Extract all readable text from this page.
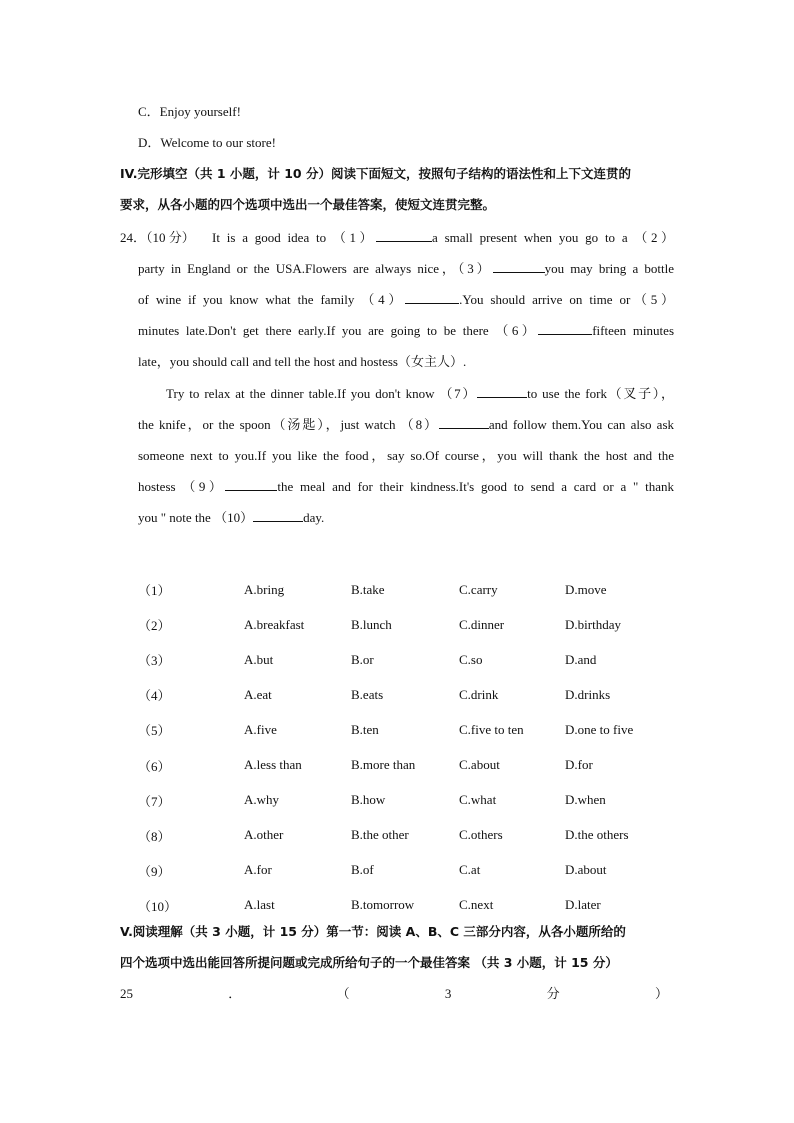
C．Enjoy yourself!
D．Welcome to our store!
IV.完形填空（共 1 小题，计 10 分）阅读下面短文，按照句子结构的语法性和上下文连贯的
要求，从各小题的四个选项中选出一个最佳答案，使短文连贯完整。
24．（10 分） It is a good idea to （1）	a small present when you go to a （2）
party in England or the USA.Flowers are always nice，（3）	you may bring a bottle
of wine if you know what the family （4）	.You should arrive on time or（5）
minutes late.Don't get there early.If you are going to be there （6）	fifteen minutes
late，you should call and tell the host and hostess（女主人）.
Try to relax at the dinner table.If you don't know （7）	to use the fork（叉子），
the knife，or the spoon（汤匙），just watch （8）	and follow them.You can also ask
someone next to you.If you like the food，say so.Of course，you will thank the host and the
hostess （9）	the meal and for their kindness.It's good to send a card or a " thank
you " note the （10）	day.
（1）	A.bring	B.take	C.carry	D.move
（2）	A.breakfast	B.lunch	C.dinner	D.birthday
（3）	A.but	B.or	C.so	D.and
（4）	A.eat	B.eats	C.drink	D.drinks
（5）	A.five	B.ten	C.five to ten	D.one to five
（6）	A.less than	B.more than	C.about	D.for
（7）	A.why	B.how	C.what	D.when
（8）	A.other	B.the other	C.others	D.the others
（9）	A.for	B.of	C.at	D.about
（10）	A.last	B.tomorrow	C.next	D.later
V.阅读理解（共 3 小题，计 15 分）第一节：阅读 A、B、C 三部分内容，从各小题所给的
四个选项中选出能回答所提问题或完成所给句子的一个最佳答案 （共 3 小题，计 15 分）
25	．	（	3	分	）
